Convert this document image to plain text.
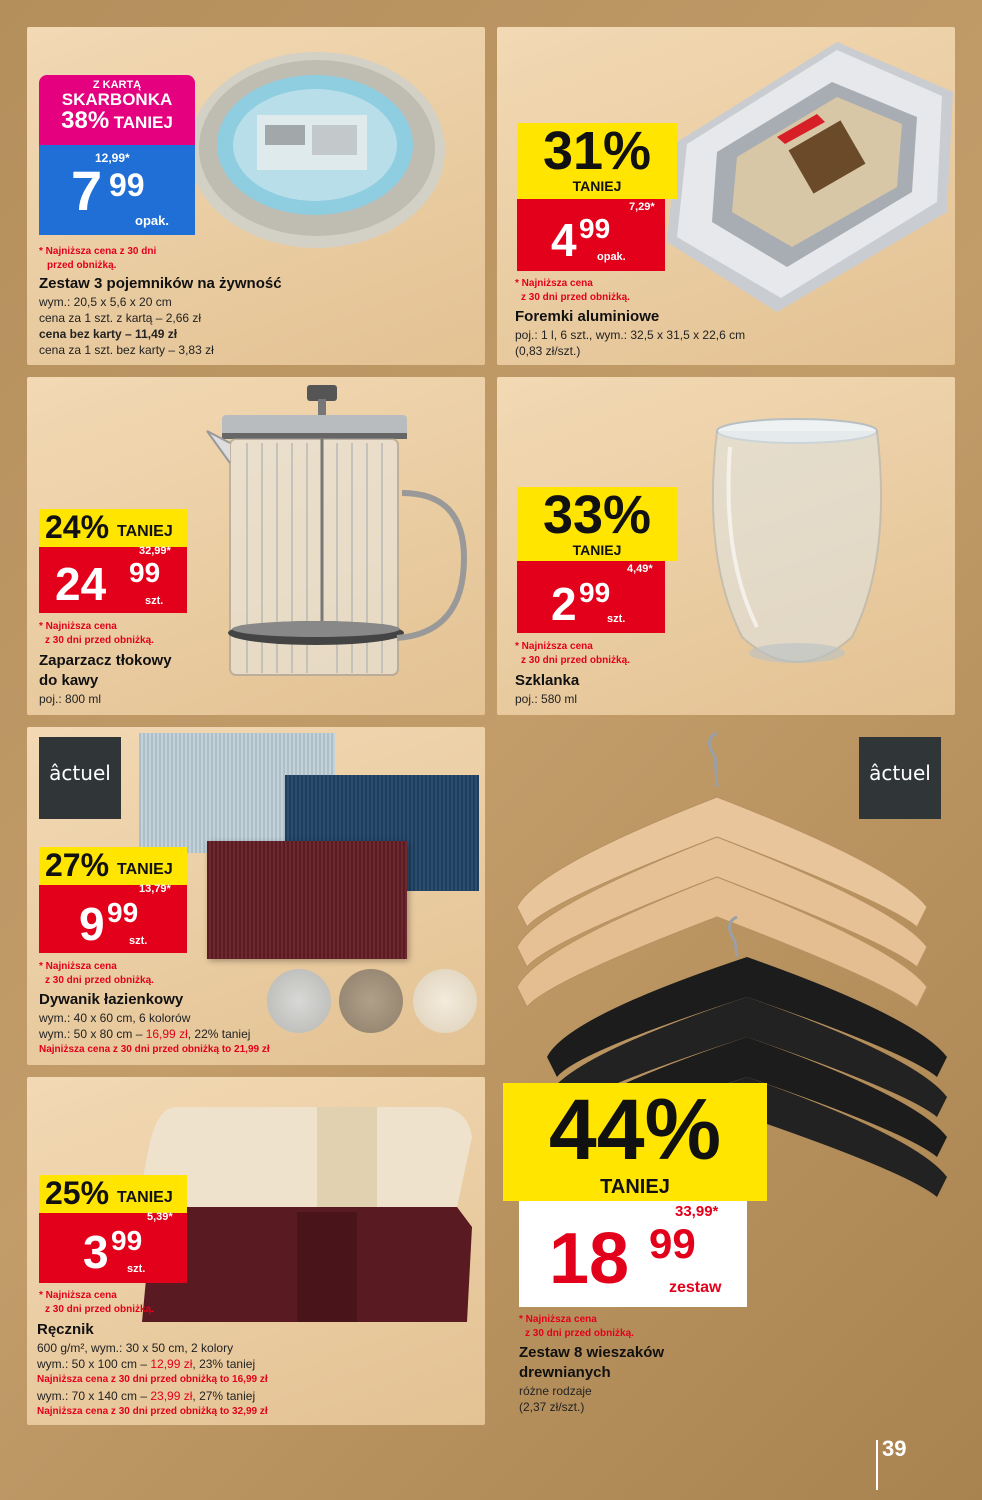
Z KARTĄ
SKARBONKA
38% TANIEJ
12,99*
7 99
opak.
* Najniższa cena z 30 dni
przed obniżką.
Zestaw 3 pojemników na żywność
wym.: 20,5 x 5,6 x 20 cm
cena za 1 szt. z kartą – 2,66 zł
cena bez karty – 11,49 zł
cena za 1 szt. bez karty – 3,83 zł
31%
TANIEJ
7,29*
4 99
opak.
* Najniższa cena
z 30 dni przed obniżką.
Foremki aluminiowe
poj.: 1 l, 6 szt., wym.: 32,5 x 31,5 x 22,6 cm
(0,83 zł/szt.)
24% TANIEJ
32,99*
24 99
szt.
* Najniższa cena
z 30 dni przed obniżką.
Zaparzacz tłokowy
do kawy
poj.: 800 ml
33%
TANIEJ
4,49*
2 99
szt.
* Najniższa cena
z 30 dni przed obniżką.
Szklanka
poj.: 580 ml
âctuel

27% TANIEJ
13,79*
9 99
szt.
* Najniższa cena
z 30 dni przed obniżką.
Dywanik łazienkowy
wym.: 40 x 60 cm, 6 kolorów
wym.: 50 x 80 cm – 16,99 zł, 22% taniej
Najniższa cena z 30 dni przed obniżką to 21,99 zł
25% TANIEJ
5,39*
3 99
szt.
* Najniższa cena
z 30 dni przed obniżką.
Ręcznik
600 g/m², wym.: 30 x 50 cm, 2 kolory
wym.: 50 x 100 cm – 12,99 zł, 23% taniej
Najniższa cena z 30 dni przed obniżką to 16,99 zł
wym.: 70 x 140 cm – 23,99 zł, 27% taniej
Najniższa cena z 30 dni przed obniżką to 32,99 zł
âctuel

44%
TANIEJ
33,99*
18 99
zestaw
* Najniższa cena
z 30 dni przed obniżką.
Zestaw 8 wieszaków
drewnianych
różne rodzaje
(2,37 zł/szt.)
39
